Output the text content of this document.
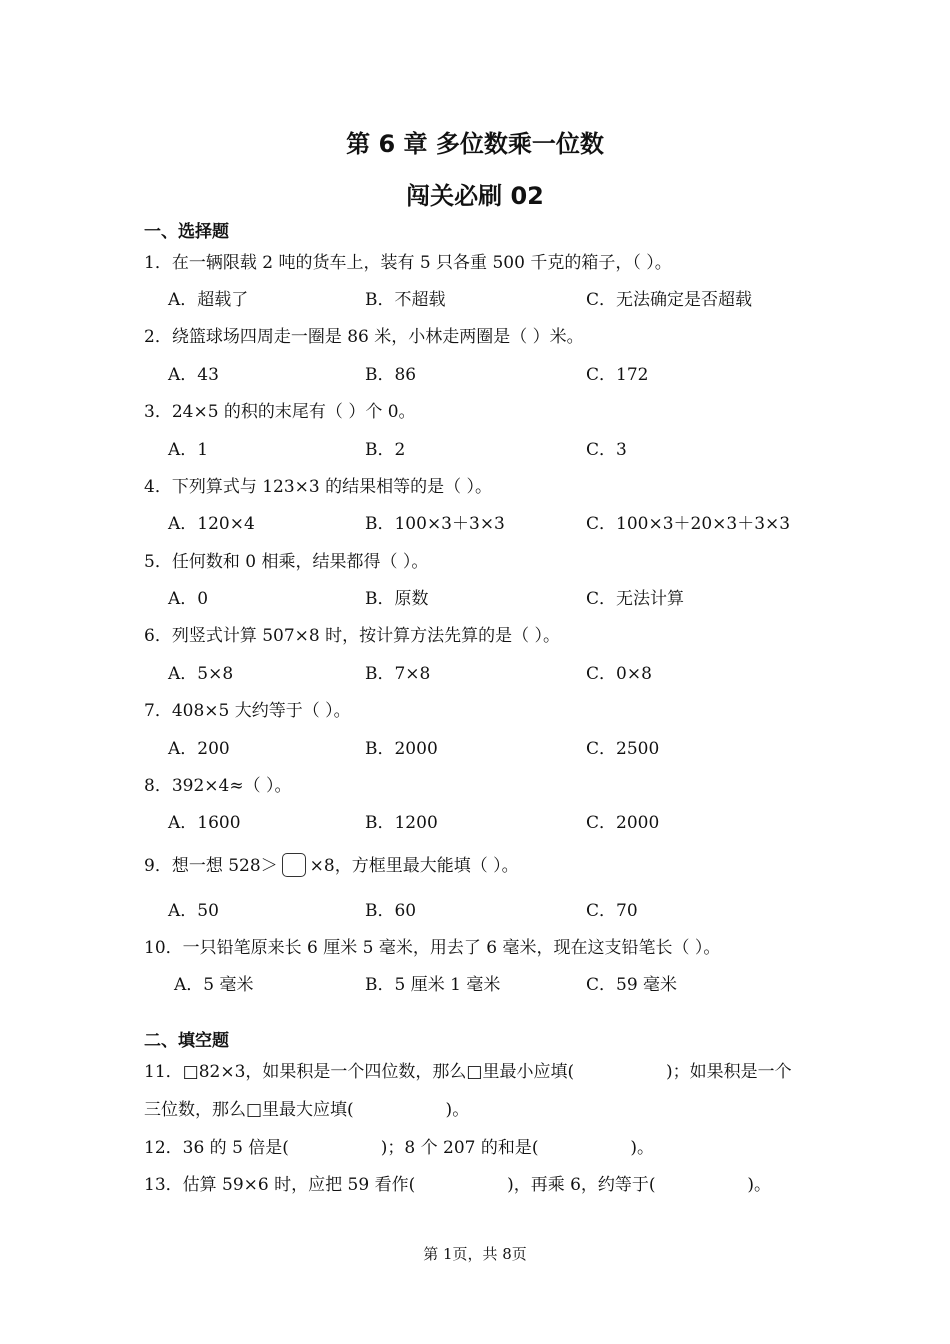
第 6 章 多位数乘一位数
闯关必刷 02
一、选择题
1．在一辆限载 2 吨的货车上，装有 5 只各重 500 千克的箱子，（ ）。
A．超载了	B．不超载	C．无法确定是否超载
2．绕篮球场四周走一圈是 86 米，小林走两圈是（ ）米。
A．43	B．86	C．172
3．24×5 的积的末尾有（ ）个 0。
A．1	B．2	C．3
4．下列算式与 123×3 的结果相等的是（ ）。
A．120×4	B．100×3＋3×3	C．100×3＋20×3＋3×3
5．任何数和 0 相乘，结果都得（ ）。
A．0	B．原数	C．无法计算
6．列竖式计算 507×8 时，按计算方法先算的是（ ）。
A．5×8	B．7×8	C．0×8
7．408×5 大约等于（ ）。
A．200	B．2000	C．2500
8．392×4≈（ ）。
A．1600	B．1200	C．2000
9．想一想 528＞ ×8，方框里最大能填（ ）。
A．50	B．60	C．70
10．一只铅笔原来长 6 厘米 5 毫米，用去了 6 毫米，现在这支铅笔长（ ）。
A．5 毫米	B．5 厘米 1 毫米	C．59 毫米
二、填空题
11．□82×3，如果积是一个四位数，那么□里最小应填(                 )；如果积是一个
三位数，那么□里最大应填(                 )。
12．36 的 5 倍是(                 )；8 个 207 的和是(                 )。
13．估算 59×6 时，应把 59 看作(                 )，再乘 6，约等于(                 )。
第 1页，共 8页
